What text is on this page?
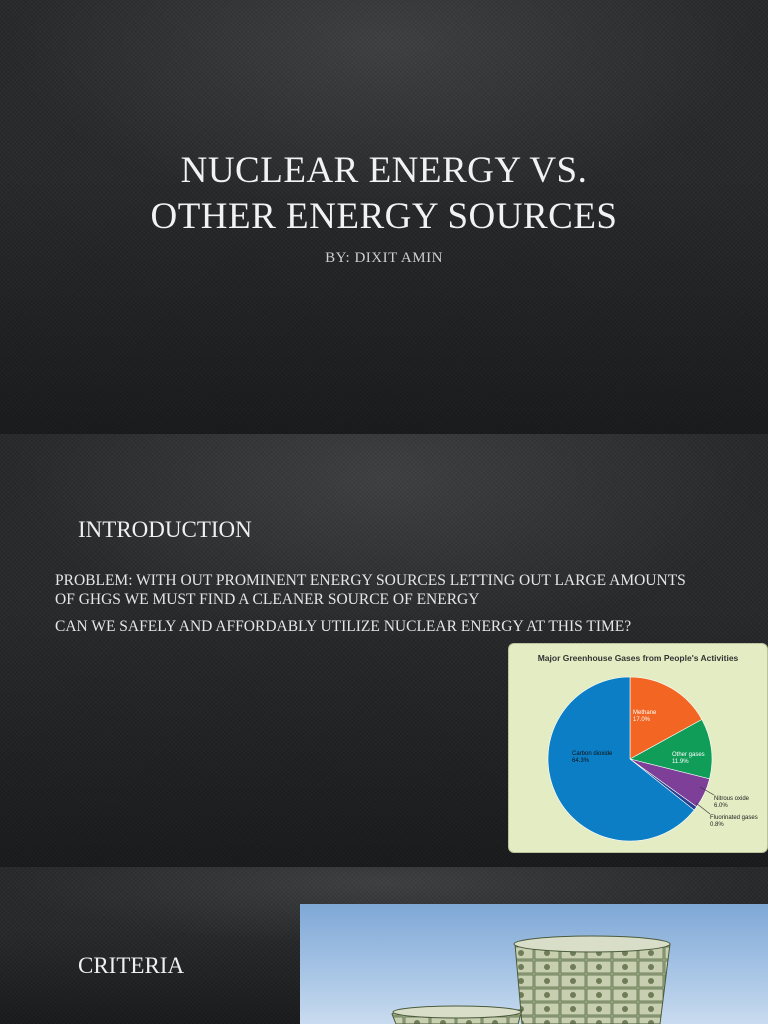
NUCLEAR ENERGY VS.
OTHER ENERGY SOURCES
BY: DIXIT AMIN
INTRODUCTION
PROBLEM: WITH OUT PROMINENT ENERGY SOURCES LETTING OUT LARGE AMOUNTS OF GHGS WE MUST FIND A CLEANER SOURCE OF ENERGY
CAN WE SAFELY AND AFFORDABLY UTILIZE NUCLEAR ENERGY AT THIS TIME?
Major Greenhouse Gases from People's Activities
Methane
17.0%
Other gases
11.9%
Nitrous oxide
6.0%
Fluorinated gases
0.8%
Carbon dioxide
64.3%
CRITERIA
